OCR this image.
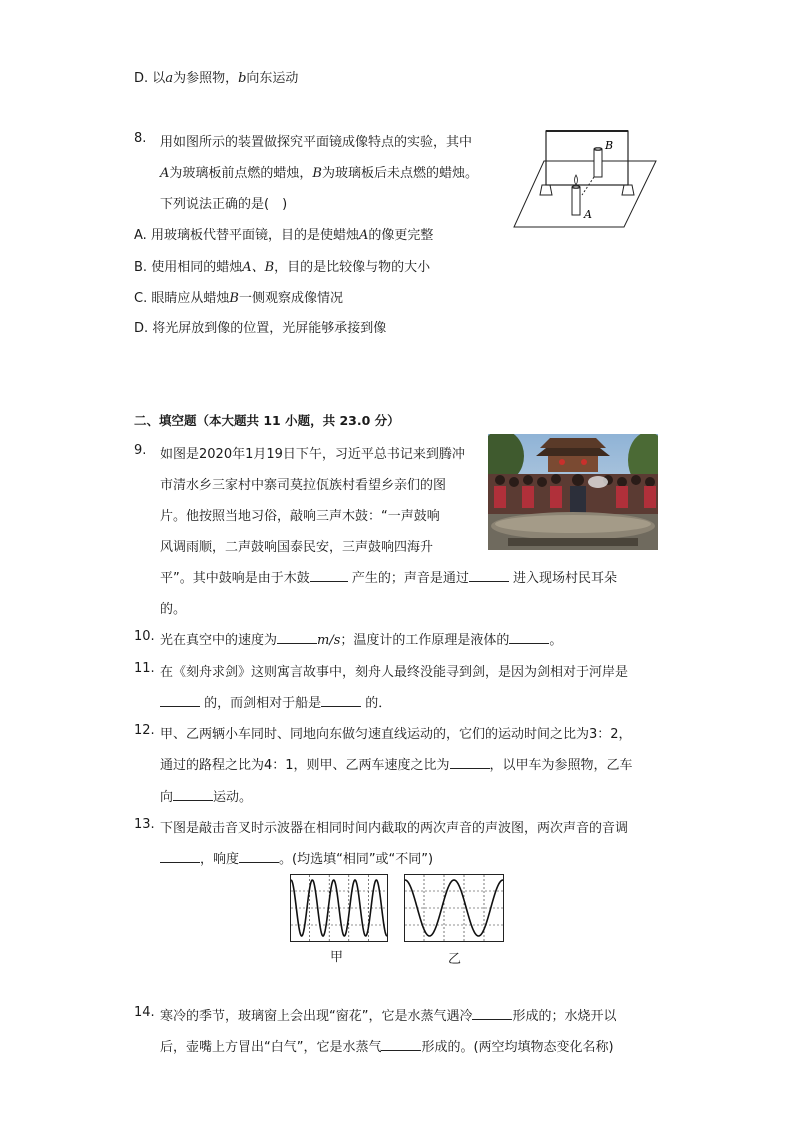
D. 以a为参照物，b向东运动
8. 用如图所示的装置做探究平面镜成像特点的实验，其中
A为玻璃板前点燃的蜡烛，B为玻璃板后未点燃的蜡烛。
下列说法正确的是(　)
B
A
A. 用玻璃板代替平面镜，目的是使蜡烛A的像更完整
B. 使用相同的蜡烛A、B，目的是比较像与物的大小
C. 眼睛应从蜡烛B一侧观察成像情况
D. 将光屏放到像的位置，光屏能够承接到像
二、填空题（本大题共 11 小题，共 23.0 分）
9. 如图是2020年1月19日下午，习近平总书记来到腾冲
市清水乡三家村中寨司莫拉佤族村看望乡亲们的图
片。他按照当地习俗，敲响三声木鼓：“一声鼓响
风调雨顺，二声鼓响国泰民安，三声鼓响四海升
平”。其中鼓响是由于木鼓	产生的；声音是通过	进入现场村民耳朵
的。
10. 光在真空中的速度为	m/s；温度计的工作原理是液体的	。
11. 在《刻舟求剑》这则寓言故事中，刻舟人最终没能寻到剑，是因为剑相对于河岸是
的，而剑相对于船是	的．
12. 甲、乙两辆小车同时、同地向东做匀速直线运动的，它们的运动时间之比为3：2，
通过的路程之比为4：1，则甲、乙两车速度之比为	，以甲车为参照物，乙车
向	运动。
13. 下图是敲击音叉时示波器在相同时间内截取的两次声音的声波图，两次声音的音调
，响度	。(均选填“相同”或“不同”)
甲	乙
14. 寒冷的季节，玻璃窗上会出现“窗花”，它是水蒸气遇冷	形成的；水烧开以
后，壶嘴上方冒出“白气”，它是水蒸气	形成的。(两空均填物态变化名称)
